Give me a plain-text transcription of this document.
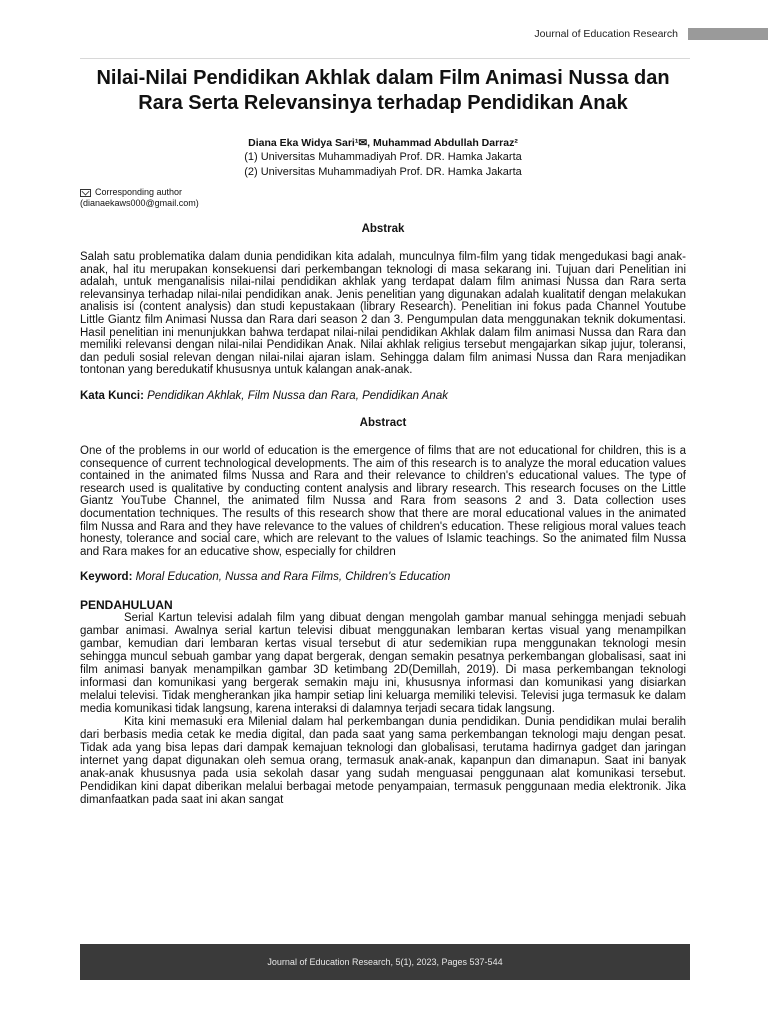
Journal of Education Research
Nilai-Nilai Pendidikan Akhlak dalam Film Animasi Nussa dan Rara Serta Relevansinya terhadap Pendidikan Anak
Diana Eka Widya Sari¹✉, Muhammad Abdullah Darraz²
(1) Universitas Muhammadiyah Prof. DR. Hamka Jakarta
(2) Universitas Muhammadiyah Prof. DR. Hamka Jakarta
Corresponding author
(dianaekaws000@gmail.com)
Abstrak
Salah satu problematika dalam dunia pendidikan kita adalah, munculnya film-film yang tidak mengedukasi bagi anak-anak, hal itu merupakan konsekuensi dari perkembangan teknologi di masa sekarang ini. Tujuan dari Penelitian ini adalah, untuk menganalisis nilai-nilai pendidikan akhlak yang terdapat dalam film animasi Nussa dan Rara serta relevansinya terhadap nilai-nilai pendidikan anak. Jenis penelitian yang digunakan adalah kualitatif dengan melakukan analisis isi (content analysis) dan studi kepustakaan (library Research). Penelitian ini fokus pada Channel Youtube Little Giantz film Animasi Nussa dan Rara dari season 2 dan 3. Pengumpulan data menggunakan teknik dokumentasi. Hasil penelitian ini menunjukkan bahwa terdapat nilai-nilai pendidikan Akhlak dalam film animasi Nussa dan Rara dan memiliki relevansi dengan nilai-nilai Pendidikan Anak. Nilai akhlak religius tersebut mengajarkan sikap jujur, toleransi, dan peduli sosial relevan dengan nilai-nilai ajaran islam. Sehingga dalam film animasi Nussa dan Rara menjadikan tontonan yang beredukatif khususnya untuk kalangan anak-anak.
Kata Kunci: Pendidikan Akhlak, Film Nussa dan Rara, Pendidikan Anak
Abstract
One of the problems in our world of education is the emergence of films that are not educational for children, this is a consequence of current technological developments. The aim of this research is to analyze the moral education values contained in the animated films Nussa and Rara and their relevance to children's educational values. The type of research used is qualitative by conducting content analysis and library research. This research focuses on the Little Giantz YouTube Channel, the animated film Nussa and Rara from seasons 2 and 3. Data collection uses documentation techniques. The results of this research show that there are moral educational values in the animated film Nussa and Rara and they have relevance to the values of children's education. These religious moral values teach honesty, tolerance and social care, which are relevant to the values of Islamic teachings. So the animated film Nussa and Rara makes for an educative show, especially for children
Keyword: Moral Education, Nussa and Rara Films, Children's Education
PENDAHULUAN

Serial Kartun televisi adalah film yang dibuat dengan mengolah gambar manual sehingga menjadi sebuah gambar animasi. Awalnya serial kartun televisi dibuat menggunakan lembaran kertas visual yang menampilkan gambar, kemudian dari lembaran kertas visual tersebut di atur sedemikian rupa menggunakan teknologi mesin sehingga muncul sebuah gambar yang dapat bergerak, dengan semakin pesatnya perkembangan globalisasi, saat ini film animasi banyak menampilkan gambar 3D ketimbang 2D(Demillah, 2019). Di masa perkembangan teknologi informasi dan komunikasi yang bergerak semakin maju ini, khususnya informasi dan komunikasi yang disiarkan melalui televisi. Tidak mengherankan jika hampir setiap lini keluarga memiliki televisi. Televisi juga termasuk ke dalam media komunikasi tidak langsung, karena interaksi di dalamnya terjadi secara tidak langsung.

Kita kini memasuki era Milenial dalam hal perkembangan dunia pendidikan. Dunia pendidikan mulai beralih dari berbasis media cetak ke media digital, dan pada saat yang sama perkembangan teknologi maju dengan pesat. Tidak ada yang bisa lepas dari dampak kemajuan teknologi dan globalisasi, terutama hadirnya gadget dan jaringan internet yang dapat digunakan oleh semua orang, termasuk anak-anak, kapanpun dan dimanapun. Saat ini banyak anak-anak khususnya pada usia sekolah dasar yang sudah menguasai penggunaan alat komunikasi tersebut. Pendidikan kini dapat diberikan melalui berbagai metode penyampaian, termasuk penggunaan media elektronik. Jika dimanfaatkan pada saat ini akan sangat

Journal of Education Research, 5(1), 2023, Pages 537-544
